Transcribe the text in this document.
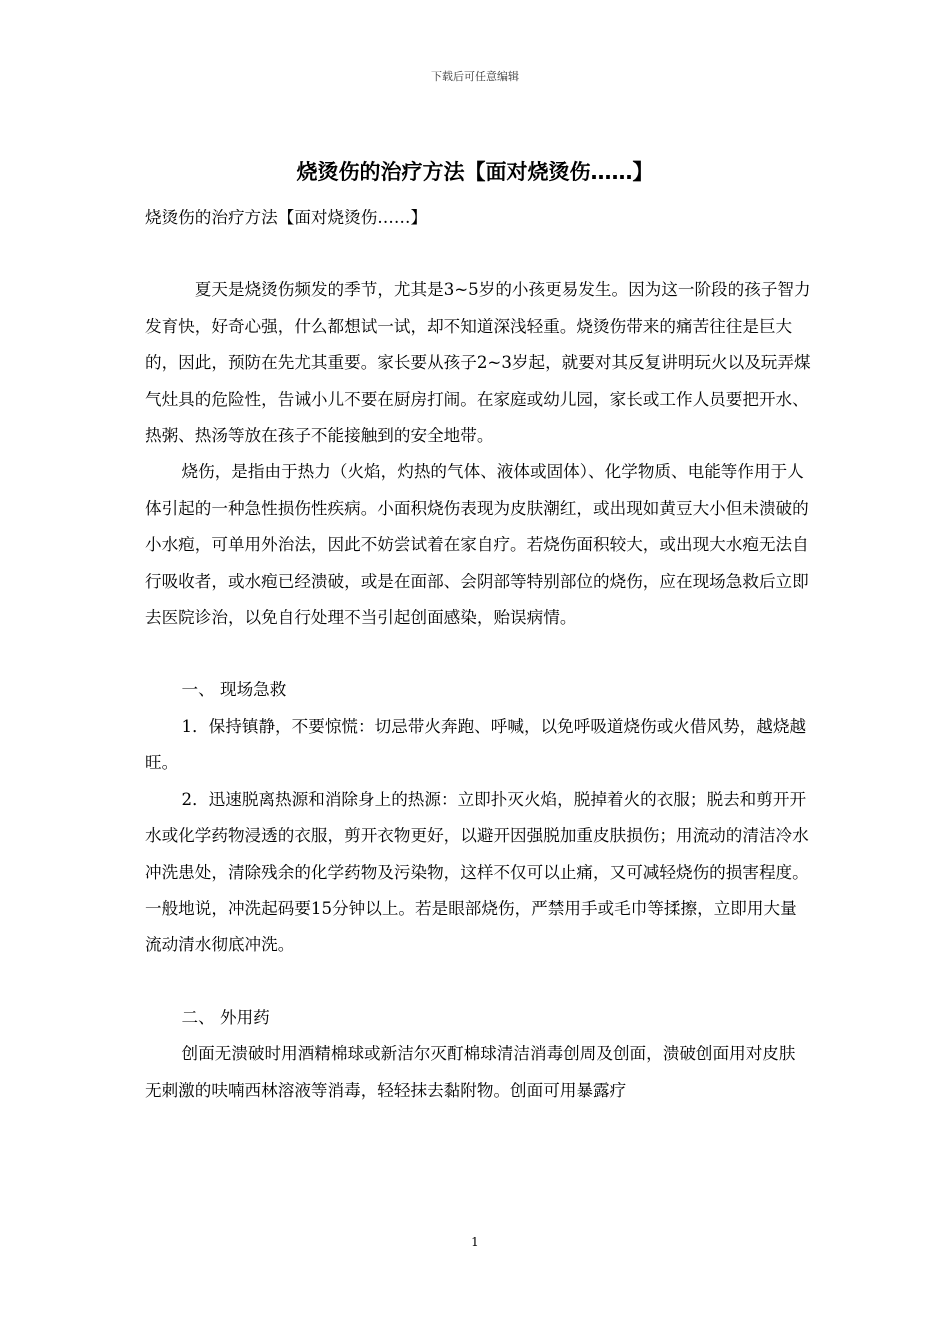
下载后可任意编辑
烧烫伤的治疗方法【面对烧烫伤……】

烧烫伤的治疗方法【面对烧烫伤……】

夏天是烧烫伤频发的季节，尤其是3~5岁的小孩更易发生。因为这一阶段的孩子智力发育快，好奇心强，什么都想试一试，却不知道深浅轻重。烧烫伤带来的痛苦往往是巨大的，因此，预防在先尤其重要。家长要从孩子2~3岁起，就要对其反复讲明玩火以及玩弄煤气灶具的危险性，告诫小儿不要在厨房打闹。在家庭或幼儿园，家长或工作人员要把开水、热粥、热汤等放在孩子不能接触到的安全地带。

烧伤，是指由于热力（火焰，灼热的气体、液体或固体）、化学物质、电能等作用于人体引起的一种急性损伤性疾病。小面积烧伤表现为皮肤潮红，或出现如黄豆大小但未溃破的小水疱，可单用外治法，因此不妨尝试着在家自疗。若烧伤面积较大，或出现大水疱无法自行吸收者，或水疱已经溃破，或是在面部、会阴部等特别部位的烧伤，应在现场急救后立即去医院诊治，以免自行处理不当引起创面感染，贻误病情。

一、 现场急救

1．保持镇静，不要惊慌：切忌带火奔跑、呼喊，以免呼吸道烧伤或火借风势，越烧越旺。

2．迅速脱离热源和消除身上的热源：立即扑灭火焰，脱掉着火的衣服；脱去和剪开开水或化学药物浸透的衣服，剪开衣物更好，以避开因强脱加重皮肤损伤；用流动的清洁冷水冲洗患处，清除残余的化学药物及污染物，这样不仅可以止痛，又可减轻烧伤的损害程度。一般地说，冲洗起码要15分钟以上。若是眼部烧伤，严禁用手或毛巾等揉擦，立即用大量流动清水彻底冲洗。

二、 外用药

创面无溃破时用酒精棉球或新洁尔灭酊棉球清洁消毒创周及创面，溃破创面用对皮肤无刺激的呋喃西林溶液等消毒，轻轻抹去黏附物。创面可用暴露疗

1
